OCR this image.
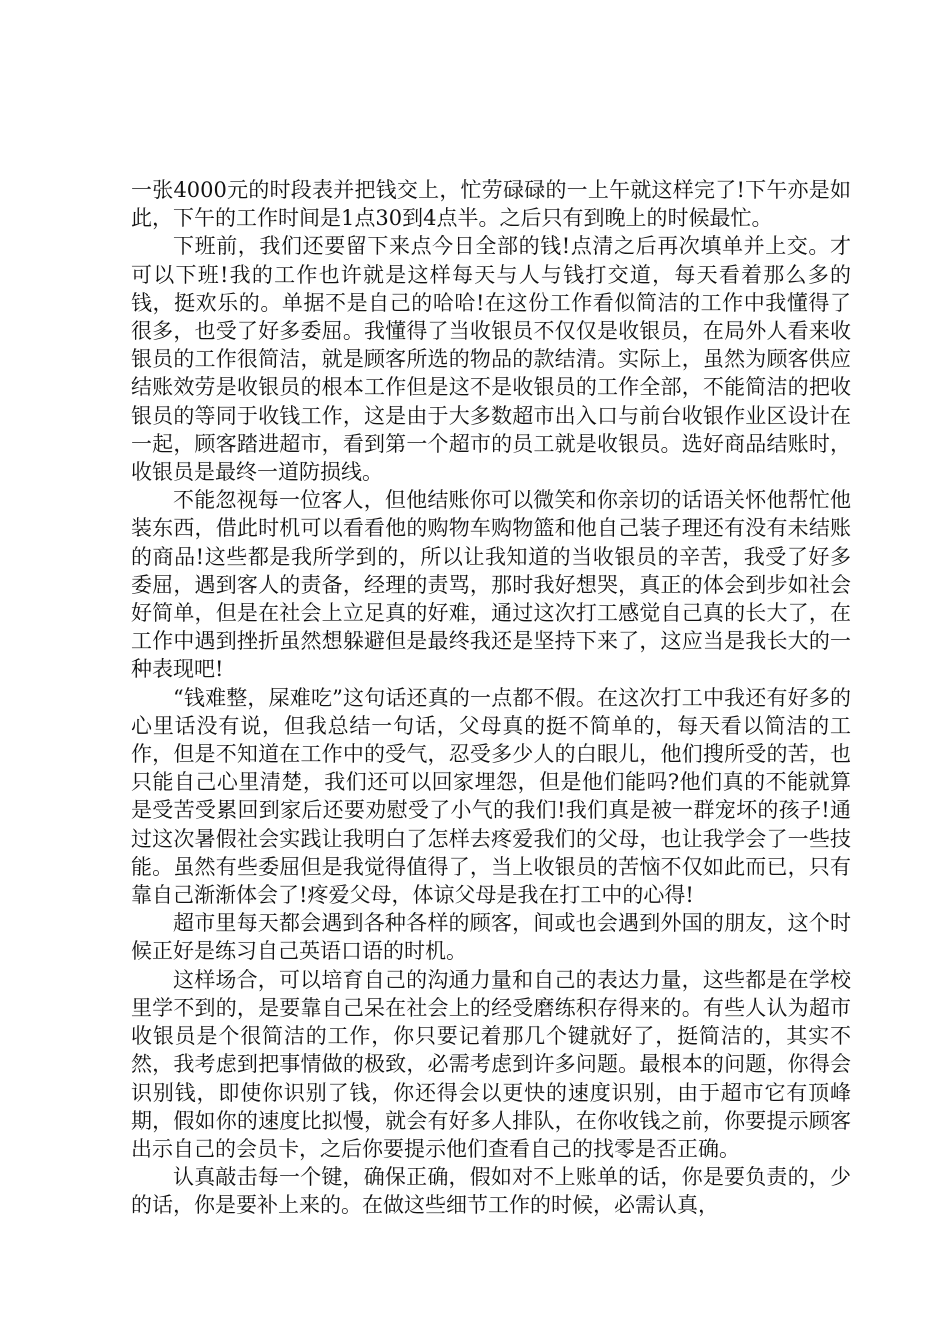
一张4000元的时段表并把钱交上，忙劳碌碌的一上午就这样完了!下午亦是如此，下午的工作时间是1点30到4点半。之后只有到晚上的时候最忙。

下班前，我们还要留下来点今日全部的钱!点清之后再次填单并上交。才可以下班!我的工作也许就是这样每天与人与钱打交道，每天看着那么多的钱，挺欢乐的。单据不是自己的哈哈!在这份工作看似简洁的工作中我懂得了很多，也受了好多委屈。我懂得了当收银员不仅仅是收银员，在局外人看来收银员的工作很简洁，就是顾客所选的物品的款结清。实际上，虽然为顾客供应结账效劳是收银员的根本工作但是这不是收银员的工作全部，不能简洁的把收银员的等同于收钱工作，这是由于大多数超市出入口与前台收银作业区设计在一起，顾客踏进超市，看到第一个超市的员工就是收银员。选好商品结账时，收银员是最终一道防损线。

不能忽视每一位客人，但他结账你可以微笑和你亲切的话语关怀他帮忙他装东西，借此时机可以看看他的购物车购物篮和他自己装子理还有没有未结账的商品!这些都是我所学到的，所以让我知道的当收银员的辛苦，我受了好多委屈，遇到客人的责备，经理的责骂，那时我好想哭，真正的体会到步如社会好简单，但是在社会上立足真的好难，通过这次打工感觉自己真的长大了，在工作中遇到挫折虽然想躲避但是最终我还是坚持下来了，这应当是我长大的一种表现吧!

“钱难整，屎难吃”这句话还真的一点都不假。在这次打工中我还有好多的心里话没有说，但我总结一句话，父母真的挺不简单的，每天看以简洁的工作，但是不知道在工作中的受气，忍受多少人的白眼儿，他们搜所受的苦，也只能自己心里清楚，我们还可以回家埋怨，但是他们能吗?他们真的不能就算是受苦受累回到家后还要劝慰受了小气的我们!我们真是被一群宠坏的孩子!通过这次暑假社会实践让我明白了怎样去疼爱我们的父母，也让我学会了一些技能。虽然有些委屈但是我觉得值得了，当上收银员的苦恼不仅如此而已，只有靠自己渐渐体会了!疼爱父母，体谅父母是我在打工中的心得!

超市里每天都会遇到各种各样的顾客，间或也会遇到外国的朋友，这个时候正好是练习自己英语口语的时机。

这样场合，可以培育自己的沟通力量和自己的表达力量，这些都是在学校里学不到的，是要靠自己呆在社会上的经受磨练积存得来的。有些人认为超市收银员是个很简洁的工作，你只要记着那几个键就好了，挺简洁的，其实不然，我考虑到把事情做的极致，必需考虑到许多问题。最根本的问题，你得会识别钱，即使你识别了钱，你还得会以更快的速度识别，由于超市它有顶峰期，假如你的速度比拟慢，就会有好多人排队，在你收钱之前，你要提示顾客出示自己的会员卡，之后你要提示他们查看自己的找零是否正确。

认真敲击每一个键，确保正确，假如对不上账单的话，你是要负责的，少的话，你是要补上来的。在做这些细节工作的时候，必需认真，
